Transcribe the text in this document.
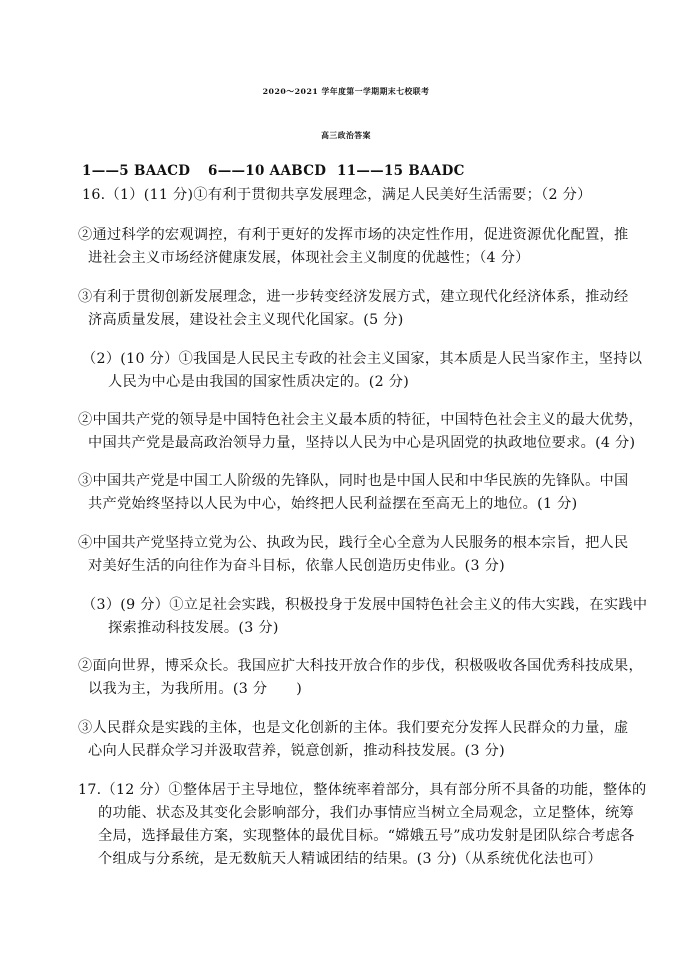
2020～2021 学年度第一学期期末七校联考
高三政治答案
1——5 BAACD 6——10 AABCD 11——15 BAADC
16.（1）(11 分)①有利于贯彻共享发展理念，满足人民美好生活需要；（2 分）
②通过科学的宏观调控，有利于更好的发挥市场的决定性作用，促进资源优化配置，推
进社会主义市场经济健康发展，体现社会主义制度的优越性；（4 分）
③有利于贯彻创新发展理念，进一步转变经济发展方式，建立现代化经济体系，推动经
济高质量发展，建设社会主义现代化国家。(5 分)
（2）(10 分）①我国是人民民主专政的社会主义国家，其本质是人民当家作主，坚持以
人民为中心是由我国的国家性质决定的。(2 分)
②中国共产党的领导是中国特色社会主义最本质的特征，中国特色社会主义的最大优势，
中国共产党是最高政治领导力量，坚持以人民为中心是巩固党的执政地位要求。(4 分)
③中国共产党是中国工人阶级的先锋队，同时也是中国人民和中华民族的先锋队。中国
共产党始终坚持以人民为中心，始终把人民利益摆在至高无上的地位。(1 分)
④中国共产党坚持立党为公、执政为民，践行全心全意为人民服务的根本宗旨，把人民
对美好生活的向往作为奋斗目标，依靠人民创造历史伟业。(3 分)
（3）(9 分）①立足社会实践，积极投身于发展中国特色社会主义的伟大实践，在实践中
探索推动科技发展。(3 分)
②面向世界，博采众长。我国应扩大科技开放合作的步伐，积极吸收各国优秀科技成果，
以我为主，为我所用。(3 分　　)
③人民群众是实践的主体，也是文化创新的主体。我们要充分发挥人民群众的力量，虚
心向人民群众学习并汲取营养，锐意创新，推动科技发展。(3 分)
17.（12 分）①整体居于主导地位，整体统率着部分，具有部分所不具备的功能，整体的
的功能、状态及其变化会影响部分，我们办事情应当树立全局观念，立足整体，统筹
全局，选择最佳方案，实现整体的最优目标。“嫦娥五号”成功发射是团队综合考虑各
个组成与分系统，是无数航天人精诚团结的结果。(3 分)（从系统优化法也可）
